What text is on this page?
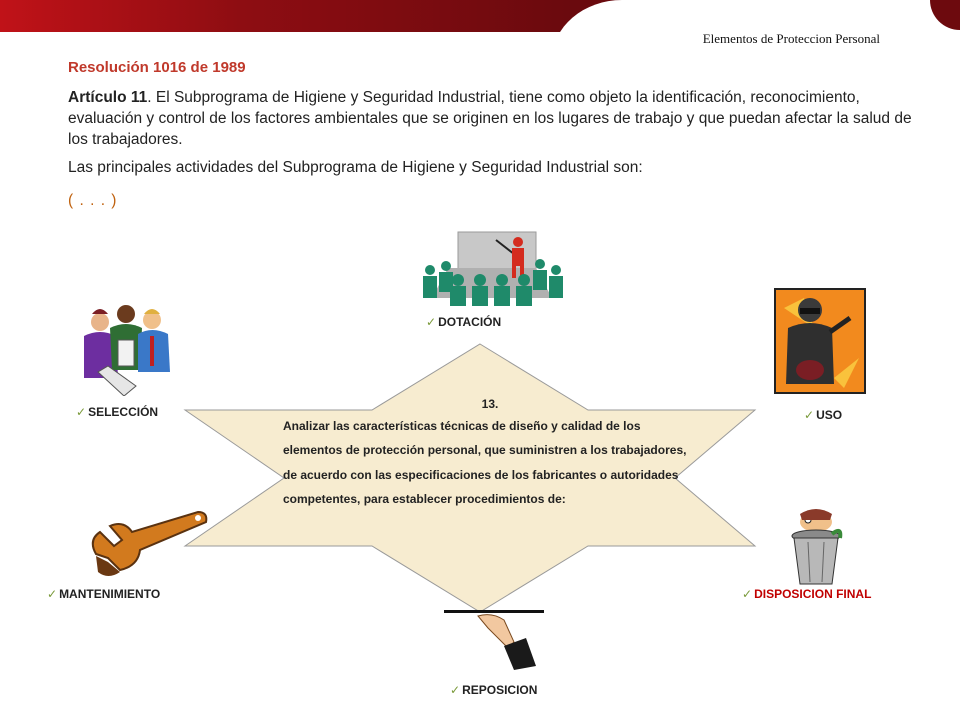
Elementos de Proteccion Personal
Resolución 1016 de 1989
Artículo 11. El Subprograma de Higiene y Seguridad Industrial, tiene como objeto la identificación, reconocimiento, evaluación y control de los factores ambientales que se originen en los lugares de trabajo y que puedan afectar la salud de los trabajadores.
Las principales actividades del Subprograma de Higiene y Seguridad Industrial son:
( . . . )
13.
Analizar las características técnicas de diseño y calidad de los elementos de protección personal, que suministren a los trabajadores, de acuerdo con las especificaciones de los fabricantes o autoridades competentes, para establecer procedimientos de:
✓ DOTACIÓN
✓ SELECCIÓN	✓ USO
✓ MANTENIMIENTO	✓ DISPOSICION FINAL
✓ REPOSICION
